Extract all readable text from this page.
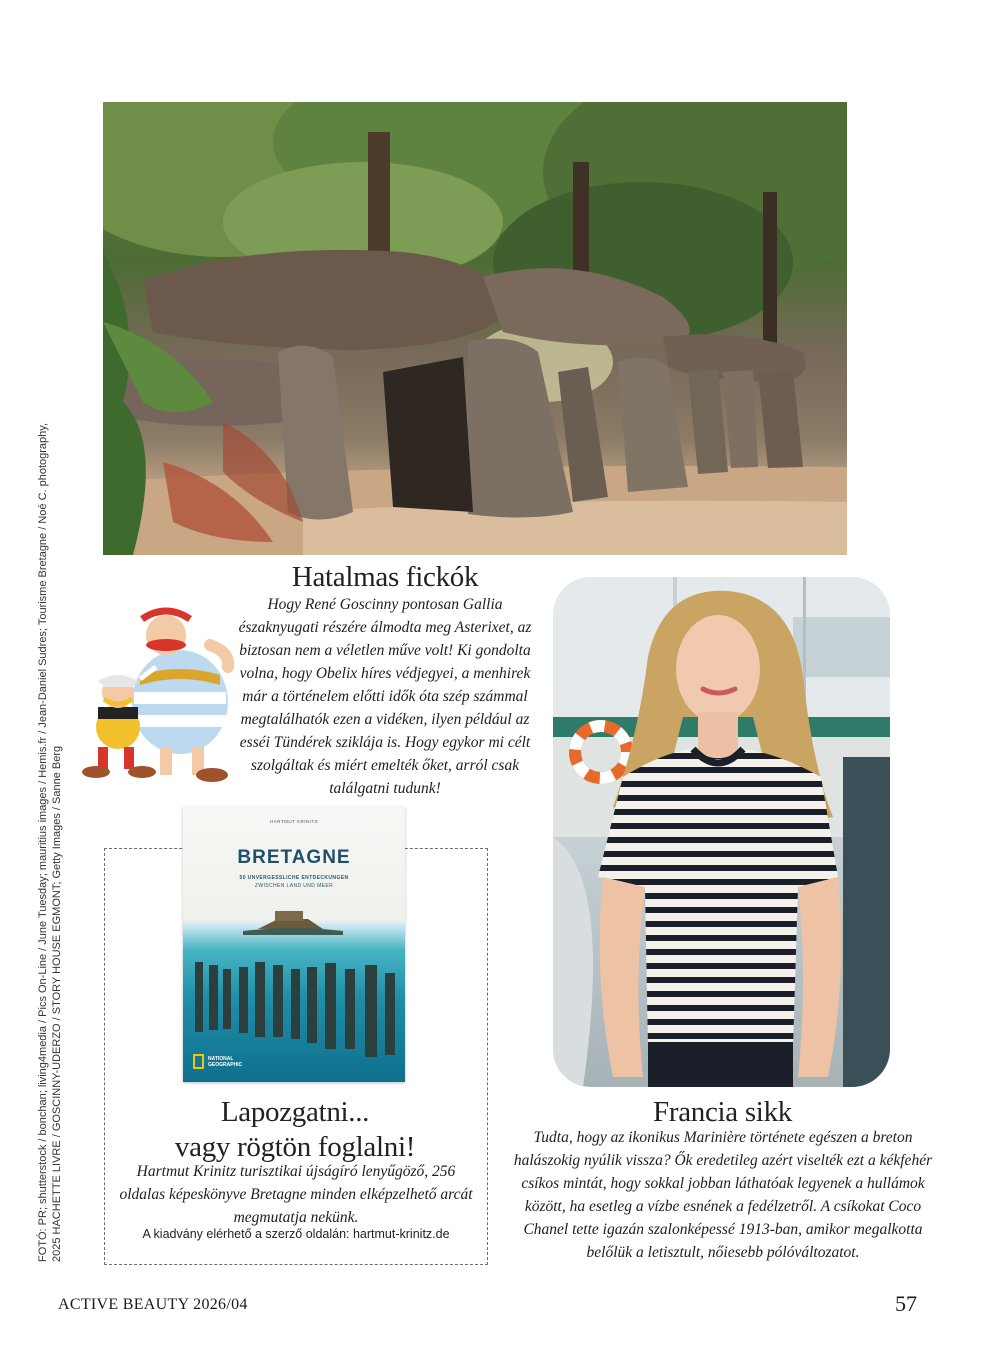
FOTÓ: PR; shutterstock / bonchan; living4media / Pics On-Line / June Tuesday; mauritius images / Hemis.fr / Jean-Daniel Sudres; Tourisme Bretagne / Noé C. photography, 2025 HACHETTE LIVRE / GOSCINNY-UDERZO / STORY HOUSE EGMONT; Getty Images / Sanne Berg
Hatalmas fickók

Hogy René Goscinny pontosan Gallia északnyugati részére álmodta meg Asterixet, az biztosan nem a véletlen műve volt! Ki gondolta volna, hogy Obelix híres védjegyei, a menhirek már a történelem előtti idők óta szép számmal megtalálhatók ezen a vidéken, ilyen például az esséi Tündérek sziklája is. Hogy egykor mi célt szolgáltak és miért emelték őket, arról csak találgatni tudunk!

Francia sikk

Tudta, hogy az ikonikus Marinière története egészen a breton halászokig nyúlik vissza? Ők eredetileg azért viselték ezt a kékfehér csíkos mintát, hogy sokkal jobban láthatóak legyenek a hullámok között, ha esetleg a vízbe esnének a fedélzetről. A csíkokat Coco Chanel tette igazán szalonképessé 1913-ban, amikor megalkotta belőlük a letisztult, nőiesebb pólóváltozatot.

HARTMUT KRINITZ
BRETAGNE
50 UNVERGESSLICHE ENTDECKUNGEN
ZWISCHEN LAND UND MEER
NATIONAL
GEOGRAPHIC
Lapozgatni...
vagy rögtön foglalni!

Hartmut Krinitz turisztikai újságíró lenyűgöző, 256 oldalas képeskönyve Bretagne minden elképzelhető arcát megmutatja nekünk.

A kiadvány elérhető a szerző oldalán: hartmut-krinitz.de
ACTIVE BEAUTY 2026/04	57
